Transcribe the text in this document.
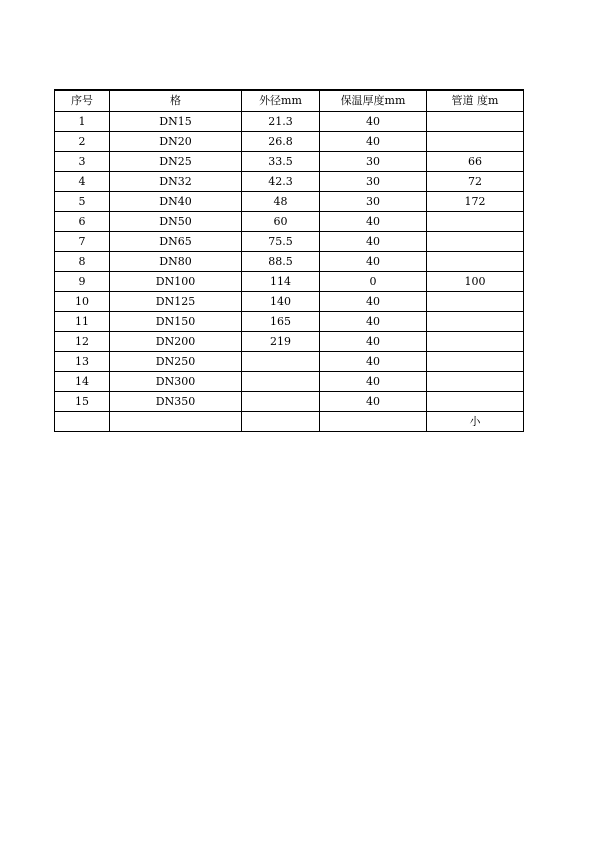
序号	格	外径mm	保温厚度mm	管道 度m
1	DN15	21.3	40	
2	DN20	26.8	40	
3	DN25	33.5	30	66
4	DN32	42.3	30	72
5	DN40	48	30	172
6	DN50	60	40	
7	DN65	75.5	40	
8	DN80	88.5	40	
9	DN100	114	0	100
10	DN125	140	40	
11	DN150	165	40	
12	DN200	219	40	
13	DN250		40	
14	DN300		40	
15	DN350		40	
				小
